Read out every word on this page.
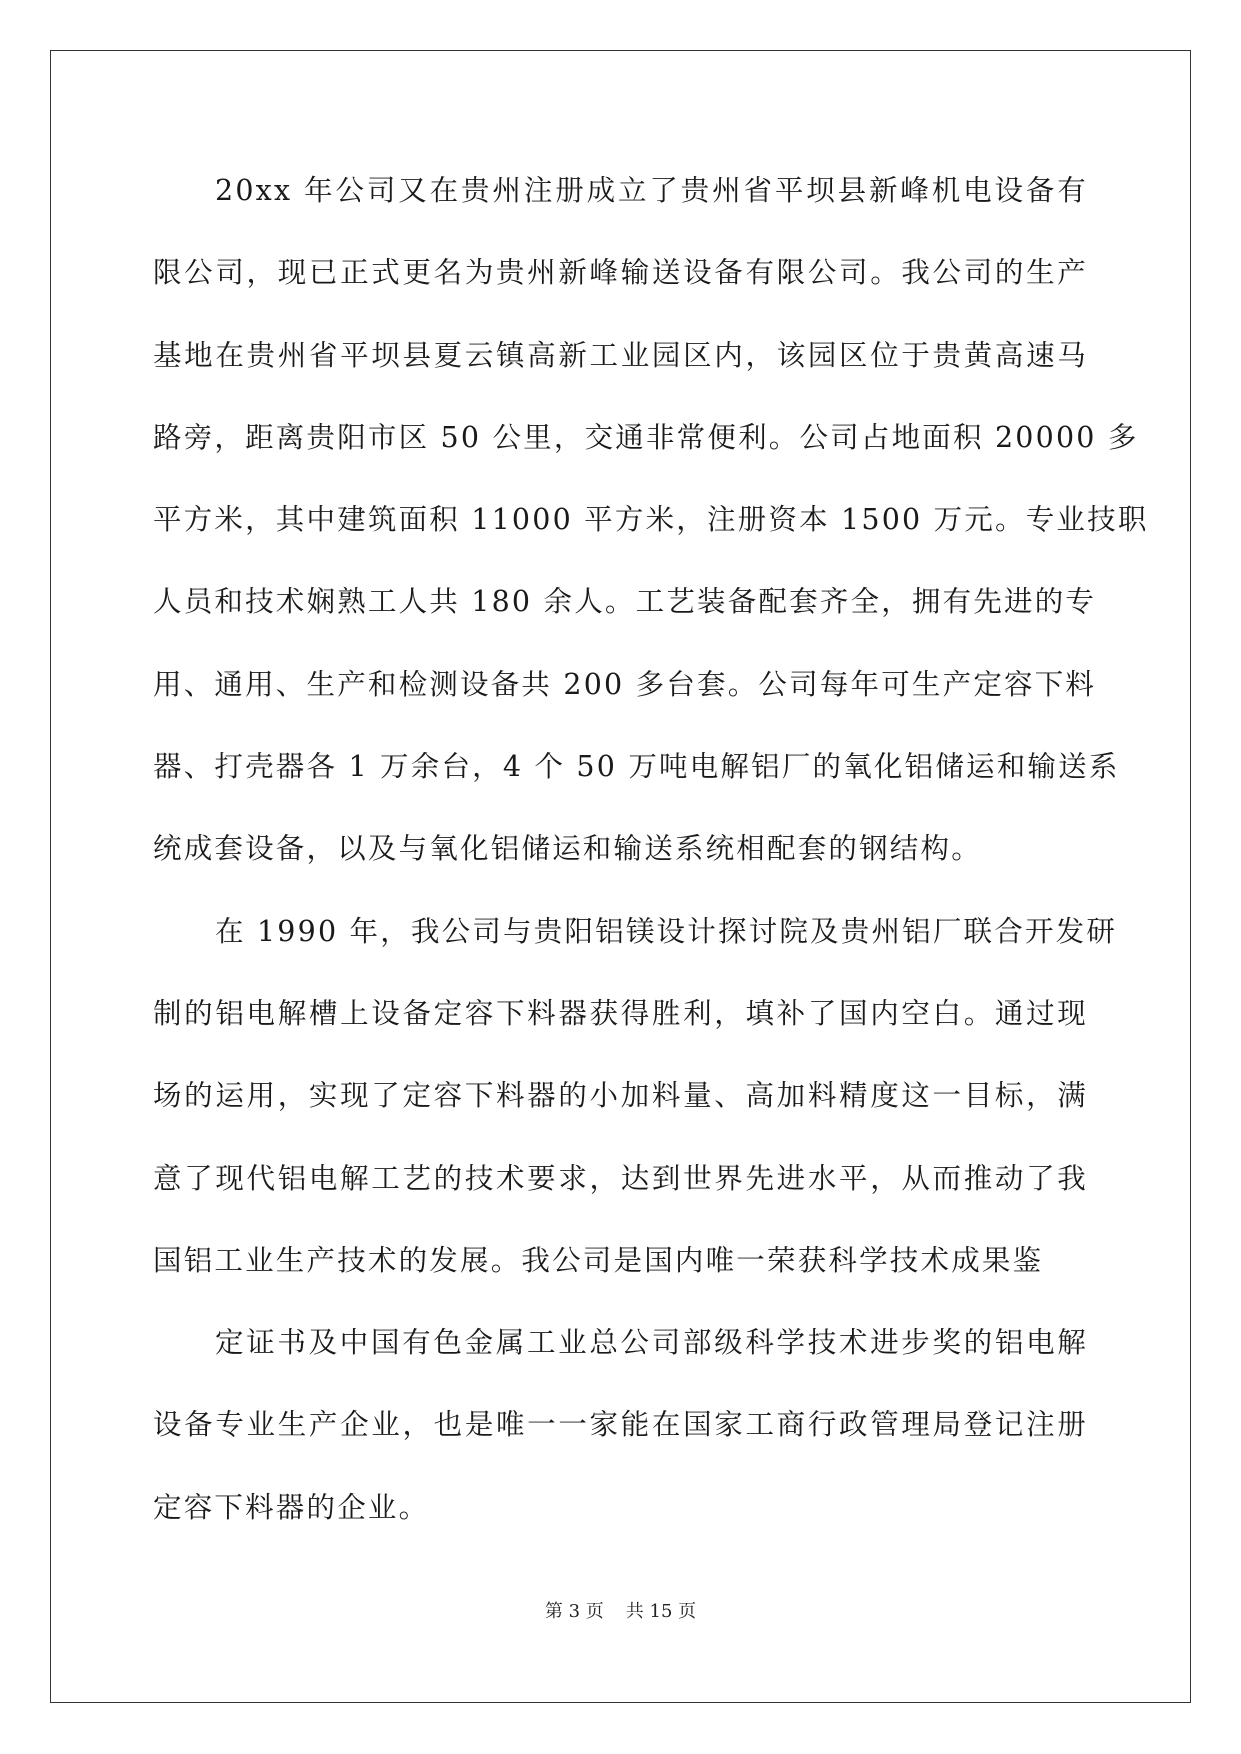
20xx 年公司又在贵州注册成立了贵州省平坝县新峰机电设备有
限公司，现已正式更名为贵州新峰输送设备有限公司。我公司的生产
基地在贵州省平坝县夏云镇高新工业园区内，该园区位于贵黄高速马
路旁，距离贵阳市区 50 公里，交通非常便利。公司占地面积 20000 多
平方米，其中建筑面积 11000 平方米，注册资本 1500 万元。专业技职
人员和技术娴熟工人共 180 余人。工艺装备配套齐全，拥有先进的专
用、通用、生产和检测设备共 200 多台套。公司每年可生产定容下料
器、打壳器各 1 万余台，4 个 50 万吨电解铝厂的氧化铝储运和输送系
统成套设备，以及与氧化铝储运和输送系统相配套的钢结构。
在 1990 年，我公司与贵阳铝镁设计探讨院及贵州铝厂联合开发研
制的铝电解槽上设备定容下料器获得胜利，填补了国内空白。通过现
场的运用，实现了定容下料器的小加料量、高加料精度这一目标，满
意了现代铝电解工艺的技术要求，达到世界先进水平，从而推动了我
国铝工业生产技术的发展。我公司是国内唯一荣获科学技术成果鉴
定证书及中国有色金属工业总公司部级科学技术进步奖的铝电解
设备专业生产企业，也是唯一一家能在国家工商行政管理局登记注册
定容下料器的企业。
第 3 页 共 15 页
